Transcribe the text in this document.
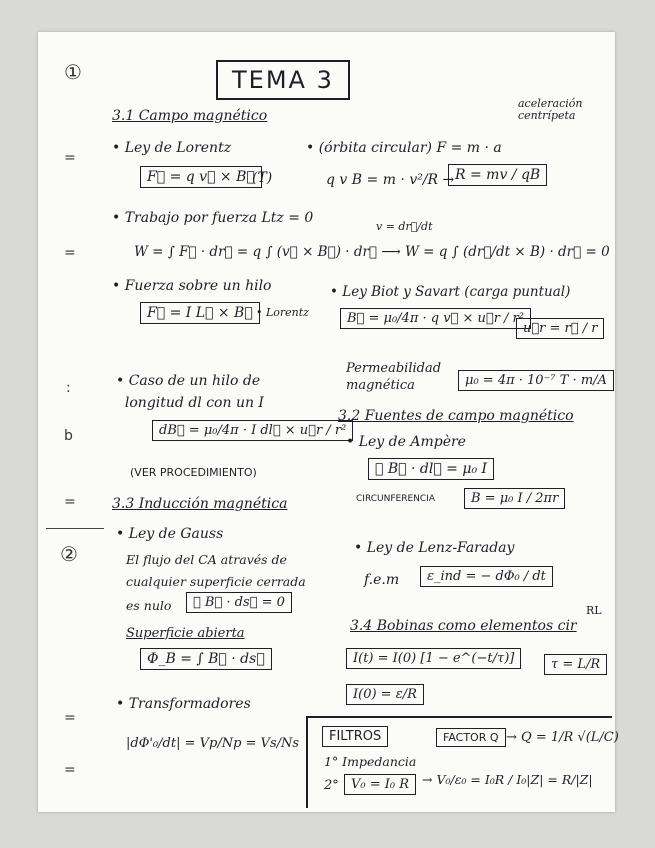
①
=
=
:
b
=
②
=
=
TEMA 3
3.1 Campo magnético
aceleración
centrípeta
• Ley de Lorentz
F⃗ = q v⃗ × B⃗
(T)
• (órbita circular) F = m · a
q v B = m · v²/R → R = mv / qB
• Trabajo por fuerza Ltz = 0
v = dr⃗/dt
W = ∫ F⃗ · dr⃗ = q ∫ (v⃗ × B⃗) · dr⃗ ⟶ W = q ∫ (dr⃗/dt × B) · dr⃗ = 0
• Fuerza sobre un hilo
F⃗ = I L⃗ × B⃗ • Lorentz
• Ley Biot y Savart (carga puntual)
B⃗ = μ₀/4π · q v⃗ × u⃗r / r²
u⃗r = r⃗ / r
Permeabilidad
magnética	μ₀ = 4π · 10⁻⁷ T · m/A
• Caso de un hilo de
longitud dl con un I
dB⃗ = μ₀/4π · I dl⃗ × u⃗r / r²
(VER PROCEDIMIENTO)
3.2 Fuentes de campo magnético
• Ley de Ampère
∮ B⃗ · dl⃗ = μ₀ I
CIRCUNFERENCIA	B = μ₀ I / 2πr
3.3 Inducción magnética
• Ley de Gauss
El flujo del CA através de
cualquier superficie cerrada
es nulo	∮ B⃗ · ds⃗ = 0
• Ley de Lenz-Faraday
f.e.m	ε_ind = − dΦ₀ / dt
RL
Superficie abierta
Φ_B = ∫ B⃗ · ds⃗
3.4 Bobinas como elementos cir
I(t) = I(0) [1 − e^(−t/τ)]	τ = L/R
I(0) = ε/R
• Transformadores
|dΦ'₀/dt| = Vp/Np = Vs/Ns	FILTROS	FACTOR Q → Q = 1/R √(L/C)
1° Impedancia
2° V₀ = I₀ R	→ V₀/ε₀ = I₀R / I₀|Z| = R/|Z|
